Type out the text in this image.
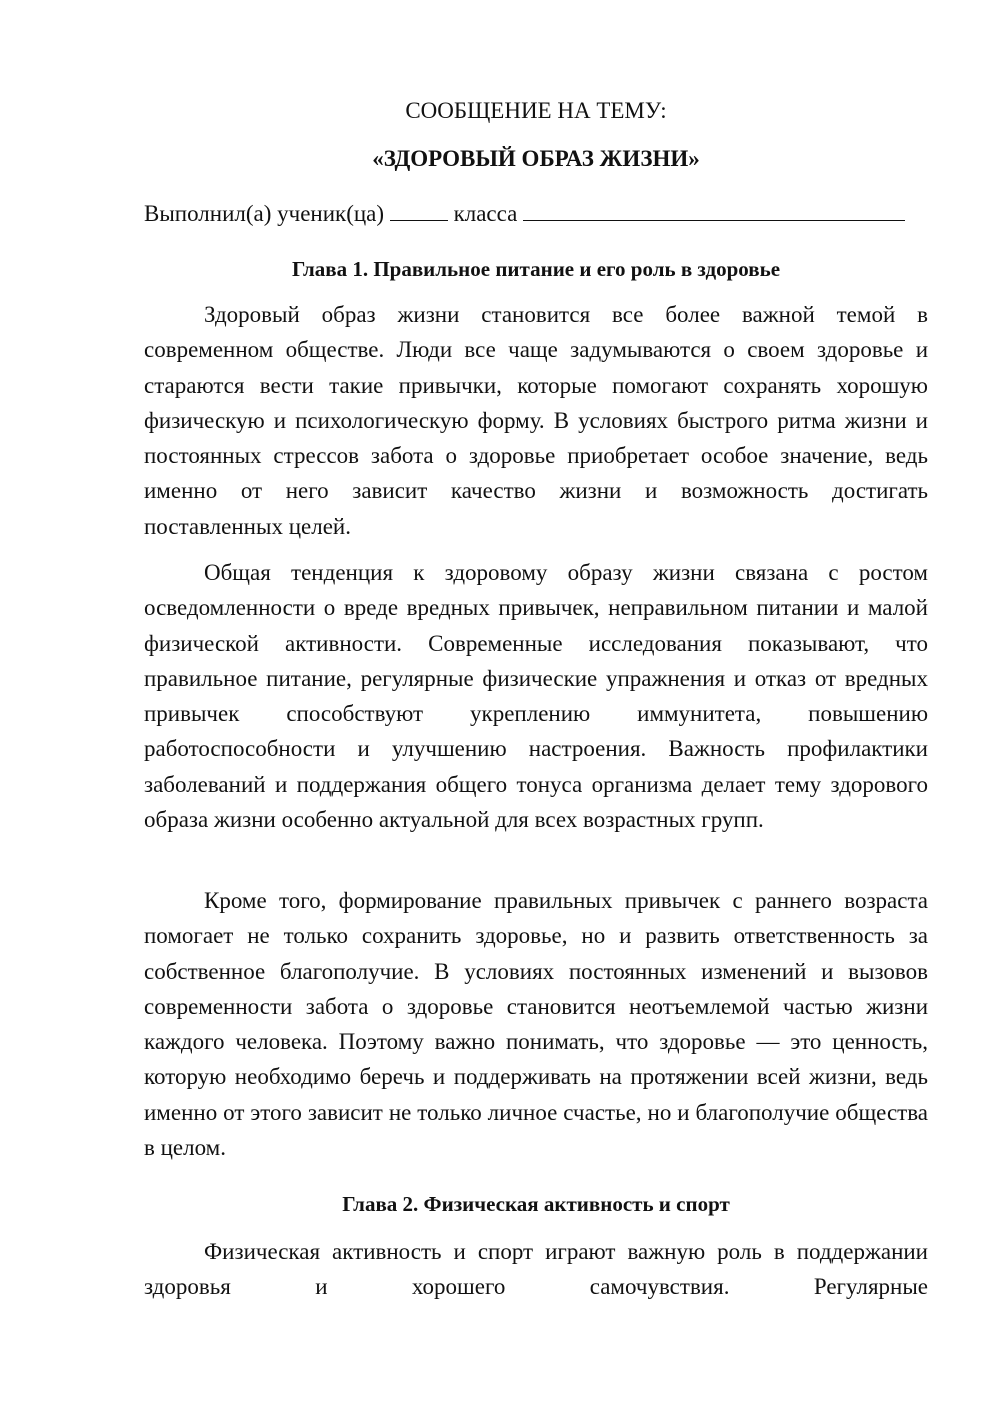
СООБЩЕНИЕ НА ТЕМУ:
«ЗДОРОВЫЙ ОБРАЗ ЖИЗНИ»
Выполнил(а) ученик(ца)	класса
Глава 1. Правильное питание и его роль в здоровье

Здоровый образ жизни становится все более важной темой в современном обществе. Люди все чаще задумываются о своем здоровье и стараются вести такие привычки, которые помогают сохранять хорошую физическую и психологическую форму. В условиях быстрого ритма жизни и постоянных стрессов забота о здоровье приобретает особое значение, ведь именно от него зависит качество жизни и возможность достигать поставленных целей.

Общая тенденция к здоровому образу жизни связана с ростом осведомленности о вреде вредных привычек, неправильном питании и малой физической активности. Современные исследования показывают, что правильное питание, регулярные физические упражнения и отказ от вредных привычек способствуют укреплению иммунитета, повышению работоспособности и улучшению настроения. Важность профилактики заболеваний и поддержания общего тонуса организма делает тему здорового образа жизни особенно актуальной для всех возрастных групп.

Кроме того, формирование правильных привычек с раннего возраста помогает не только сохранить здоровье, но и развить ответственность за собственное благополучие. В условиях постоянных изменений и вызовов современности забота о здоровье становится неотъемлемой частью жизни каждого человека. Поэтому важно понимать, что здоровье — это ценность, которую необходимо беречь и поддерживать на протяжении всей жизни, ведь именно от этого зависит не только личное счастье, но и благополучие общества в целом.

Глава 2. Физическая активность и спорт

Физическая активность и спорт играют важную роль в поддержании здоровья и хорошего самочувствия. Регулярные
